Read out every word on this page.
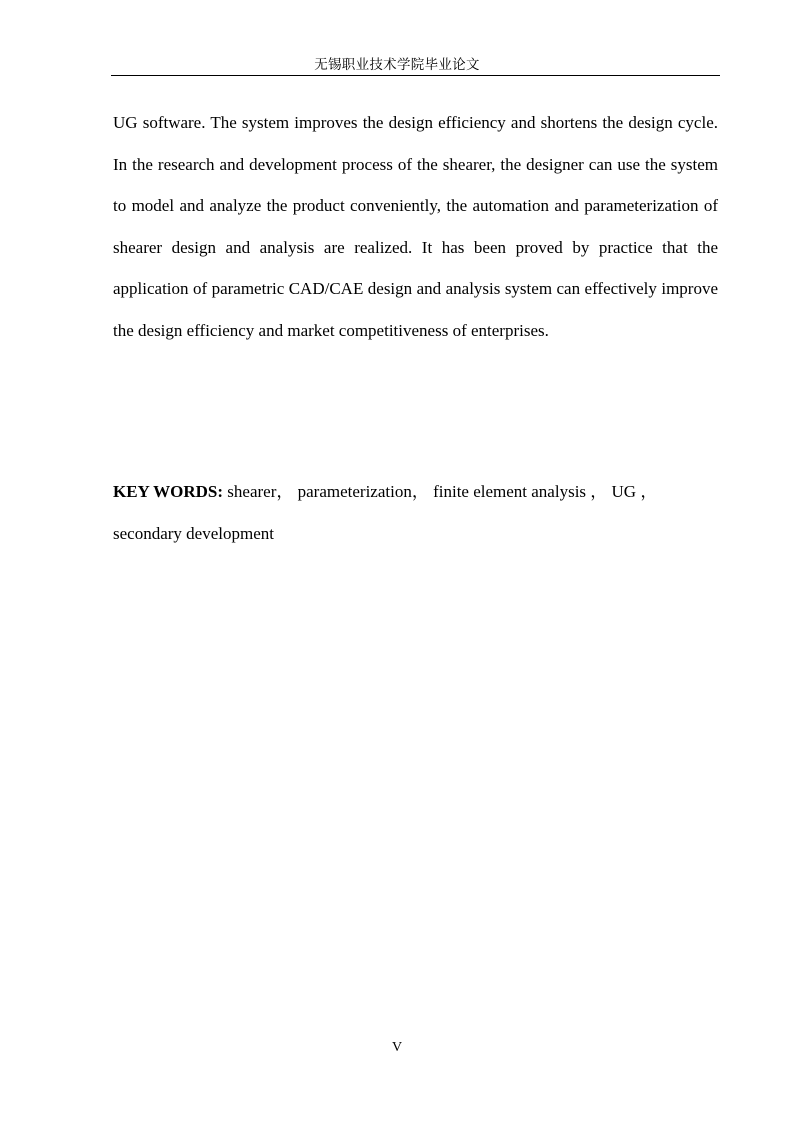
无锡职业技术学院毕业论文

UG software. The system improves the design efficiency and shortens the design cycle. In the research and development process of the shearer, the designer can use the system to model and analyze the product conveniently, the automation and parameterization of shearer design and analysis are realized. It has been proved by practice that the application of parametric CAD/CAE design and analysis system can effectively improve the design efficiency and market competitiveness of enterprises.

KEY WORDS: shearer， parameterization， finite element analysis ， UG ， secondary development
V
